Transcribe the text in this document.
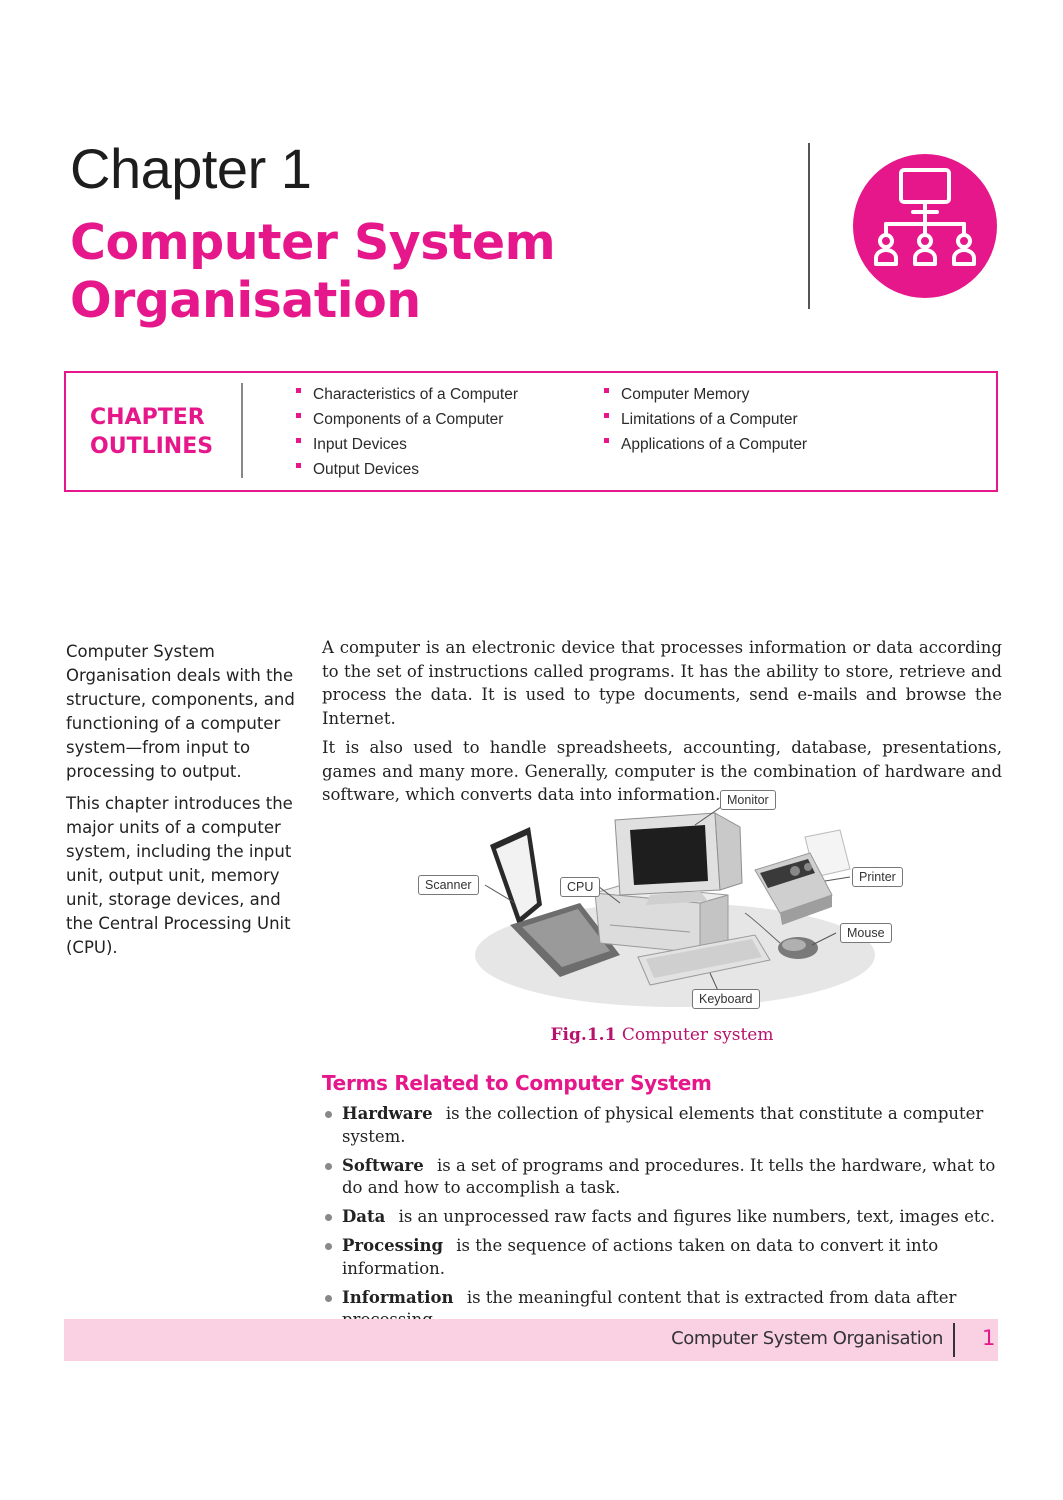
Chapter 1
Computer System Organisation
CHAPTER OUTLINES
Characteristics of a Computer
Components of a Computer
Input Devices
Output Devices
Computer Memory
Limitations of a Computer
Applications of a Computer

Computer System Organisation deals with the structure, components, and functioning of a computer system—from input to processing to output.

This chapter introduces the major units of a computer system, including the input unit, output unit, memory unit, storage devices, and the Central Processing Unit (CPU).

A computer is an electronic device that processes information or data according to the set of instructions called programs. It has the ability to store, retrieve and process the data. It is used to type documents, send e-mails and browse the Internet.

It is also used to handle spreadsheets, accounting, database, presentations, games and many more. Generally, computer is the combination of hardware and software, which converts data into information. Monitor
Scanner	CPU
Printer
Mouse
Keyboard
Fig.1.1 Computer system
Terms Related to Computer System
Hardware is the collection of physical elements that constitute a computer system.
Software is a set of programs and procedures. It tells the hardware, what to do and how to accomplish a task.
Data is an unprocessed raw facts and figures like numbers, text, images etc.
Processing is the sequence of actions taken on data to convert it into information.
Information is the meaningful content that is extracted from data after
Computer System Organisation 1
